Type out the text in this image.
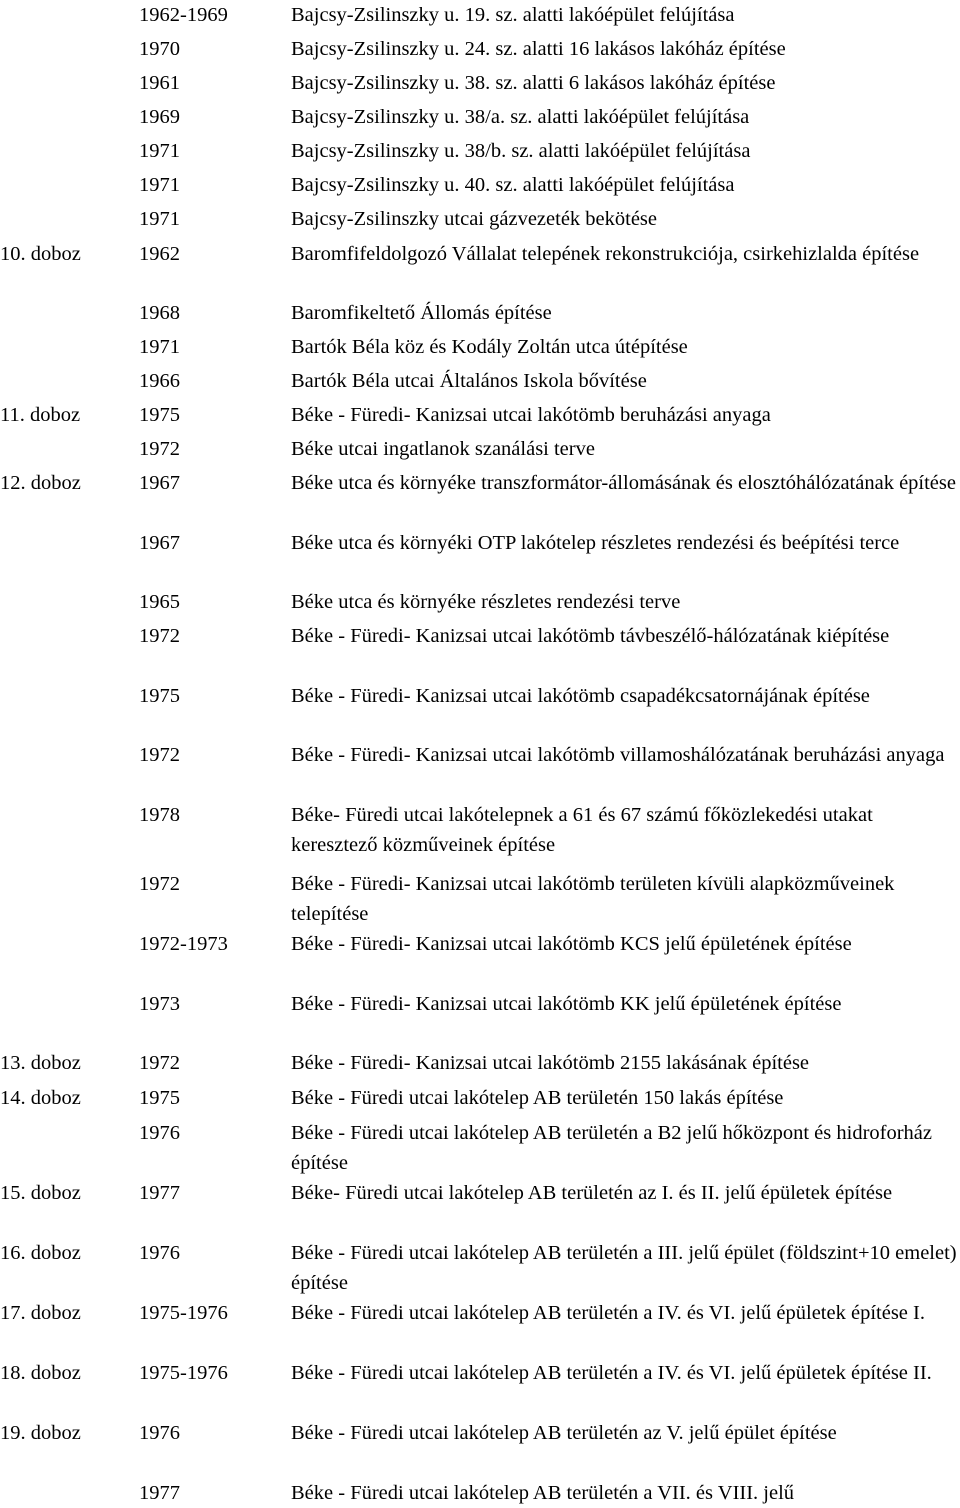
1962-1969	Bajcsy-Zsilinszky u. 19. sz. alatti lakóépület felújítása
1970	Bajcsy-Zsilinszky u. 24. sz. alatti 16 lakásos lakóház építése
1961	Bajcsy-Zsilinszky u. 38. sz. alatti 6 lakásos lakóház építése
1969	Bajcsy-Zsilinszky u. 38/a. sz. alatti lakóépület felújítása
1971	Bajcsy-Zsilinszky u. 38/b. sz. alatti lakóépület felújítása
1971	Bajcsy-Zsilinszky u. 40. sz. alatti lakóépület felújítása
1971	Bajcsy-Zsilinszky utcai gázvezeték bekötése
10. doboz	1962	Baromfifeldolgozó Vállalat telepének rekonstrukciója, csirkehizlalda építése
1968	Baromfikeltető Állomás építése
1971	Bartók Béla köz és Kodály Zoltán utca útépítése
1966	Bartók Béla utcai Általános Iskola bővítése
11. doboz	1975	Béke - Füredi- Kanizsai utcai lakótömb beruházási anyaga
1972	Béke utcai ingatlanok szanálási terve
12. doboz	1967	Béke utca és környéke transzformátor-állomásának és elosztóhálózatának építése
1967	Béke utca és környéki OTP lakótelep részletes rendezési és beépítési terce
1965	Béke utca és környéke részletes rendezési terve
1972	Béke - Füredi- Kanizsai utcai lakótömb távbeszélő-hálózatának kiépítése
1975	Béke - Füredi- Kanizsai utcai lakótömb csapadékcsatornájának építése
1972	Béke - Füredi- Kanizsai utcai lakótömb villamoshálózatának beruházási anyaga
1978	Béke- Füredi utcai lakótelepnek a 61 és 67 számú főközlekedési utakat keresztező közműveinek építése
1972	Béke - Füredi- Kanizsai utcai lakótömb területen kívüli alapközműveinek telepítése
1972-1973	Béke - Füredi- Kanizsai utcai lakótömb KCS jelű épületének építése
1973	Béke - Füredi- Kanizsai utcai lakótömb KK jelű épületének építése
13. doboz	1972	Béke - Füredi- Kanizsai utcai lakótömb 2155 lakásának építése
14. doboz	1975	Béke - Füredi utcai lakótelep AB területén 150 lakás építése
1976	Béke - Füredi utcai lakótelep AB területén a B2 jelű hőközpont és hidroforház építése
15. doboz	1977	Béke- Füredi utcai lakótelep AB területén az I. és II. jelű épületek építése
16. doboz	1976	Béke - Füredi utcai lakótelep AB területén a III. jelű épület (földszint+10 emelet) építése
17. doboz	1975-1976	Béke - Füredi utcai lakótelep AB területén a IV. és VI. jelű épületek építése I.
18. doboz	1975-1976	Béke - Füredi utcai lakótelep AB területén a IV. és VI. jelű épületek építése II.
19. doboz	1976	Béke - Füredi utcai lakótelep AB területén az V. jelű épület építése
1977	Béke - Füredi utcai lakótelep AB területén a VII. és VIII. jelű
